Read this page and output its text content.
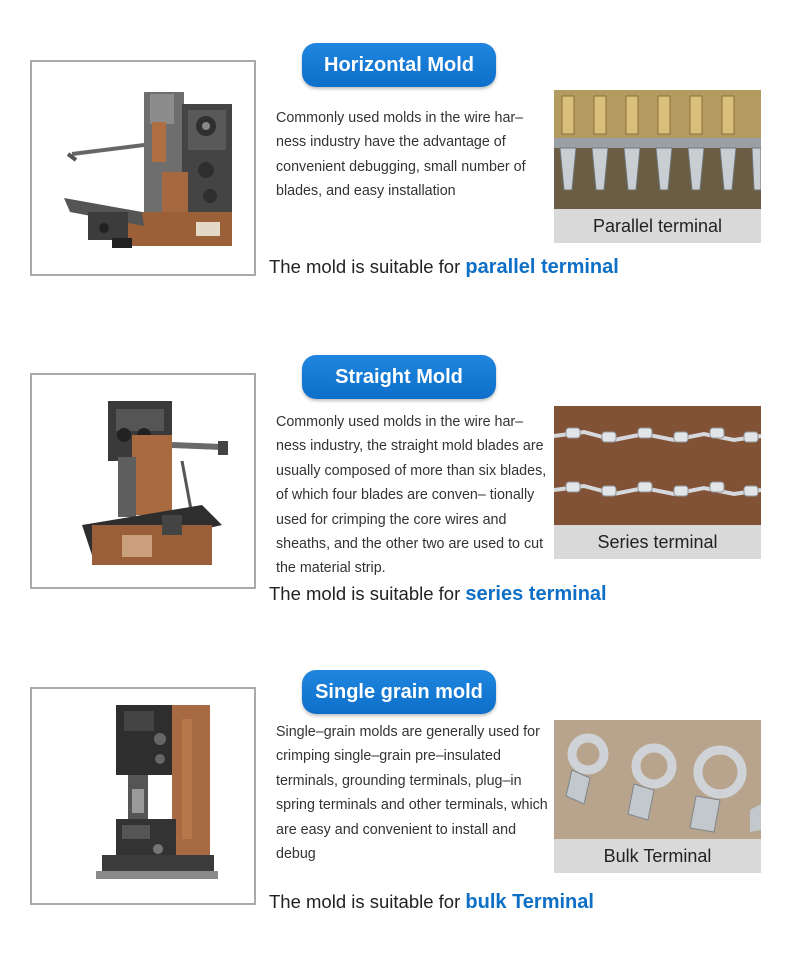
Horizontal Mold
Commonly used molds in the wire har– ness industry have the advantage of convenient debugging, small number of blades, and easy installation
Parallel terminal
The mold is suitable for parallel terminal
Straight Mold
Commonly used molds in the wire har– ness industry, the straight mold blades are usually composed of more than six blades, of which four blades are conven– tionally used for crimping the core wires and sheaths, and the other two are used to cut the material strip.
Series terminal
The mold is suitable for series terminal
Single grain mold
Single–grain molds are generally used for crimping single–grain pre–insulated terminals, grounding terminals, plug–in spring terminals and other terminals, which are easy and convenient to install and debug	Bulk Terminal
The mold is suitable for bulk Terminal
